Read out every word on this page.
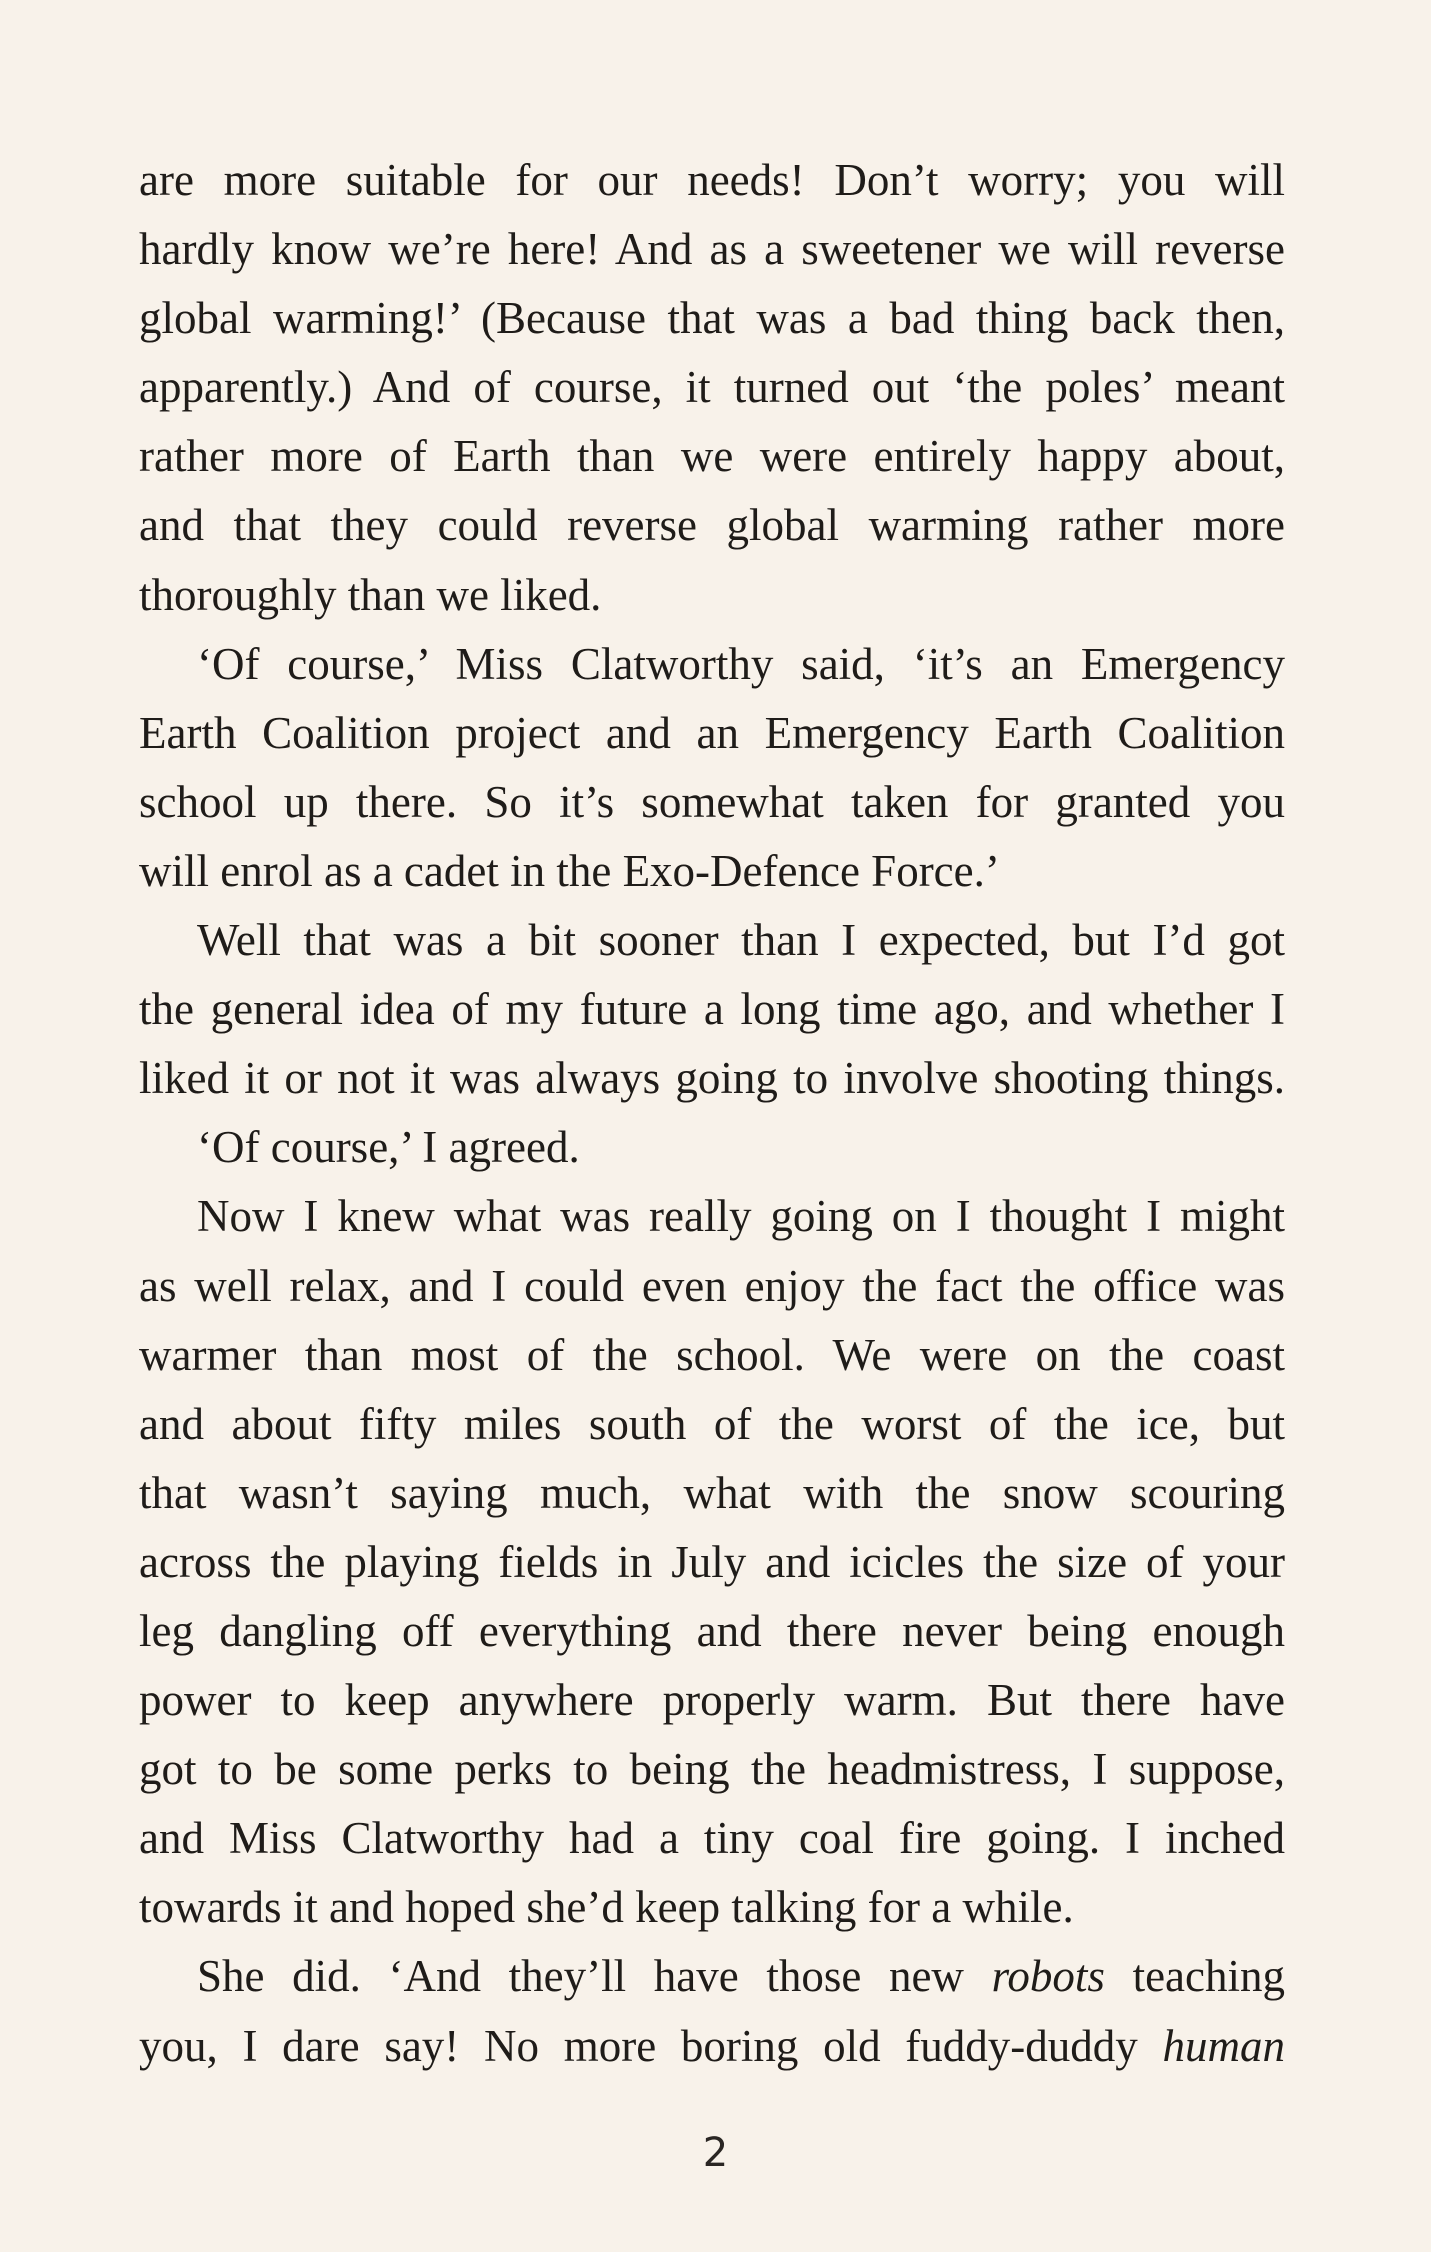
are more suitable for our needs! Don’t worry; you will

hardly know we’re here! And as a sweetener we will reverse

global warming!’ (Because that was a bad thing back then,

apparently.) And of course, it turned out ‘the poles’ meant

rather more of Earth than we were entirely happy about,

and that they could reverse global warming rather more

thoroughly than we liked.

‘Of course,’ Miss Clatworthy said, ‘it’s an Emergency

Earth Coalition project and an Emergency Earth Coalition

school up there. So it’s somewhat taken for granted you

will enrol as a cadet in the Exo-Defence Force.’

Well that was a bit sooner than I expected, but I’d got

the general idea of my future a long time ago, and whether I

liked it or not it was always going to involve shooting things.

‘Of course,’ I agreed.

Now I knew what was really going on I thought I might

as well relax, and I could even enjoy the fact the office was

warmer than most of the school. We were on the coast

and about fifty miles south of the worst of the ice, but

that wasn’t saying much, what with the snow scouring

across the playing fields in July and icicles the size of your

leg dangling off everything and there never being enough

power to keep anywhere properly warm. But there have

got to be some perks to being the headmistress, I suppose,

and Miss Clatworthy had a tiny coal fire going. I inched

towards it and hoped she’d keep talking for a while.

She did. ‘And they’ll have those new robots teaching

you, I dare say! No more boring old fuddy-duddy human

2
